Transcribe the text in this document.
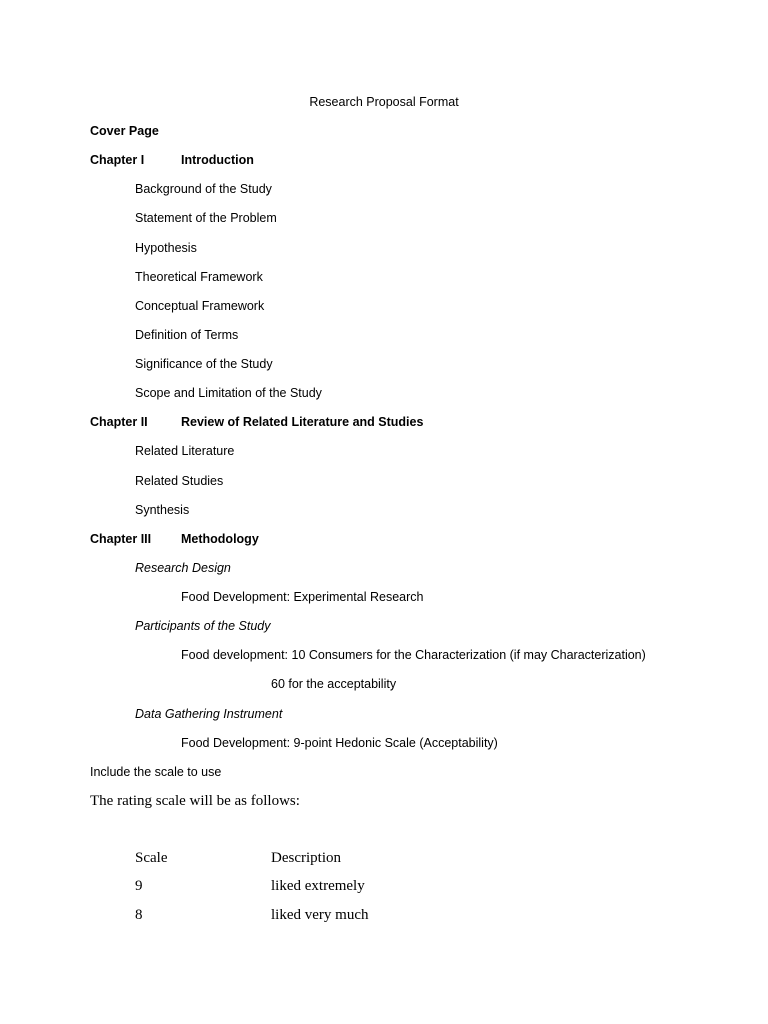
Research Proposal Format
Cover Page
Chapter I	Introduction
Background of the Study
Statement of the Problem
Hypothesis
Theoretical Framework
Conceptual Framework
Definition of Terms
Significance of the Study
Scope and Limitation of the Study
Chapter II	Review of Related Literature and Studies
Related Literature
Related Studies
Synthesis
Chapter III Methodology
Research Design
Food Development: Experimental Research
Participants of the Study
Food development: 10 Consumers for the Characterization (if may Characterization)
60 for the acceptability
Data Gathering Instrument
Food Development: 9-point Hedonic Scale (Acceptability)
Include the scale to use
The rating scale will be as follows:
Scale	Description
9	liked extremely
8	liked very much
